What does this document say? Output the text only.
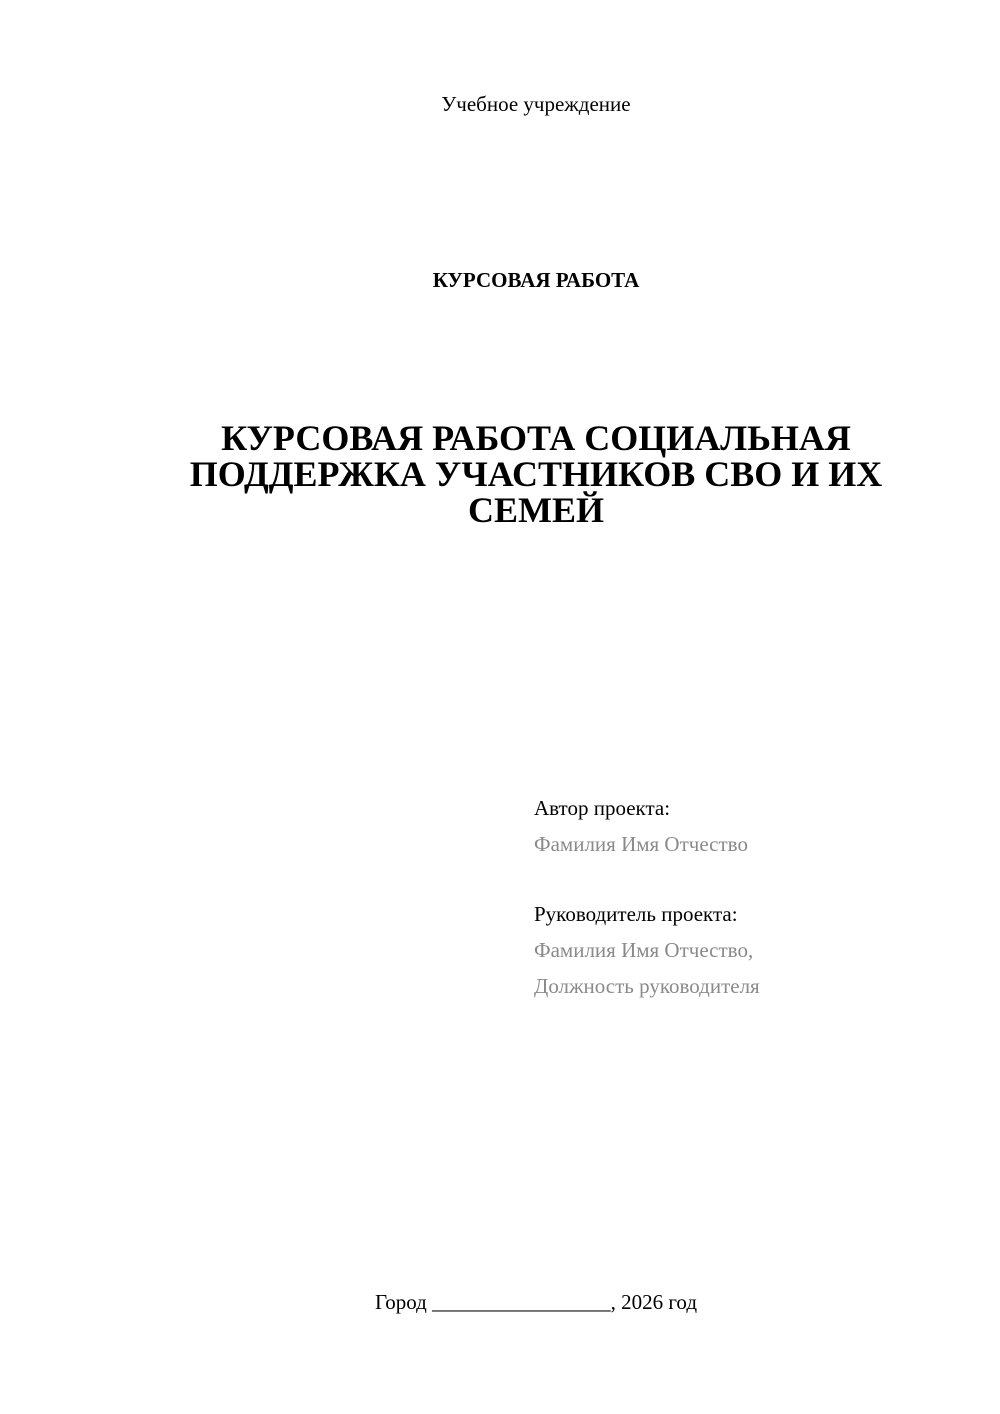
Учебное учреждение
КУРСОВАЯ РАБОТА
КУРСОВАЯ РАБОТА СОЦИАЛЬНАЯ
ПОДДЕРЖКА УЧАСТНИКОВ СВО И ИХ
СЕМЕЙ
Автор проекта:
Фамилия Имя Отчество
Руководитель проекта:
Фамилия Имя Отчество,
Должность руководителя
Город _________________, 2026 год
